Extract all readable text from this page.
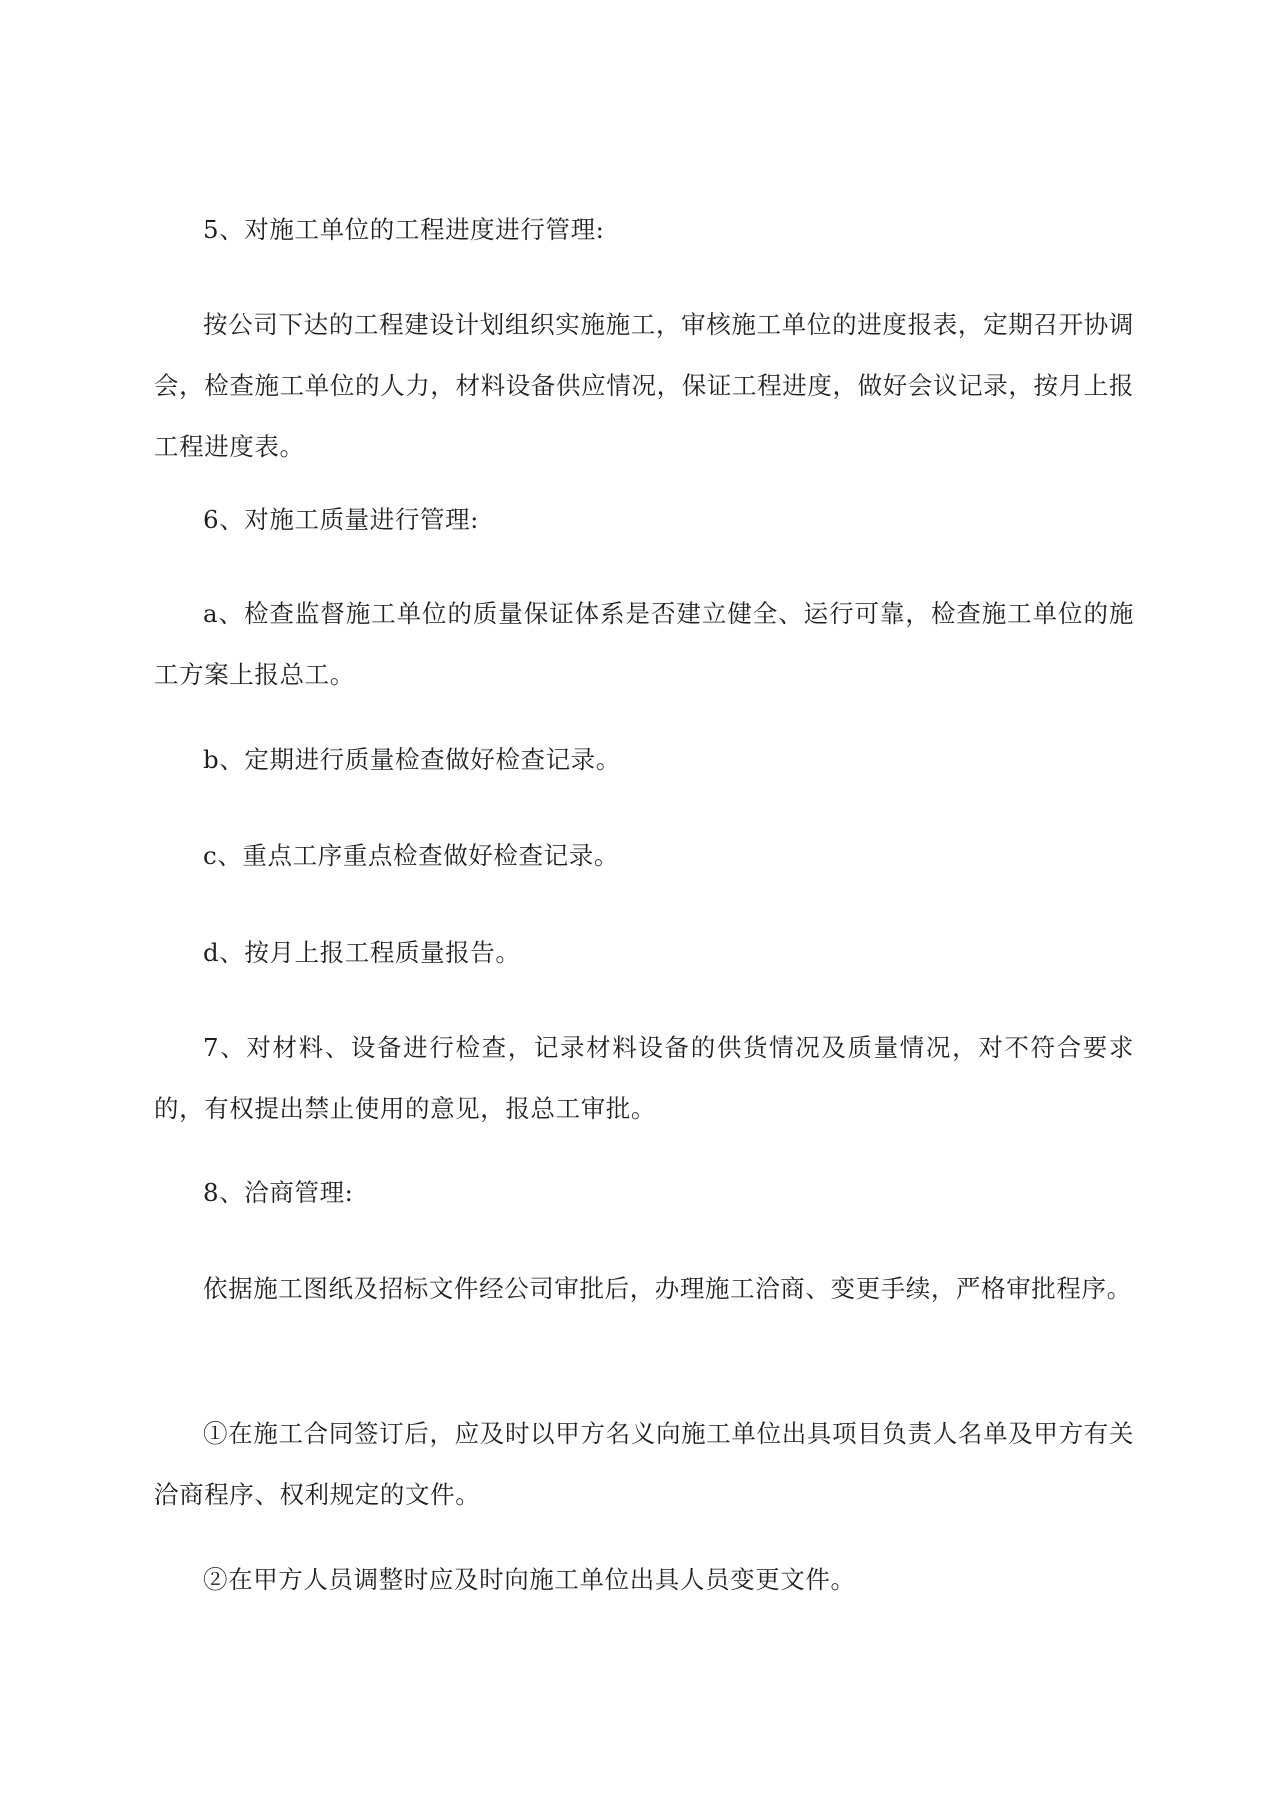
5、对施工单位的工程进度进行管理:

按公司下达的工程建设计划组织实施施工，审核施工单位的进度报表，定期召开协调会，检查施工单位的人力，材料设备供应情况，保证工程进度，做好会议记录，按月上报工程进度表。

6、对施工质量进行管理:

a、检查监督施工单位的质量保证体系是否建立健全、运行可靠，检查施工单位的施工方案上报总工。

b、定期进行质量检查做好检查记录。

c、重点工序重点检查做好检查记录。

d、按月上报工程质量报告。

7、对材料、设备进行检查，记录材料设备的供货情况及质量情况，对不符合要求的，有权提出禁止使用的意见，报总工审批。

8、洽商管理:

依据施工图纸及招标文件经公司审批后，办理施工洽商、变更手续，严格审批程序。

①在施工合同签订后，应及时以甲方名义向施工单位出具项目负责人名单及甲方有关洽商程序、权利规定的文件。

②在甲方人员调整时应及时向施工单位出具人员变更文件。
